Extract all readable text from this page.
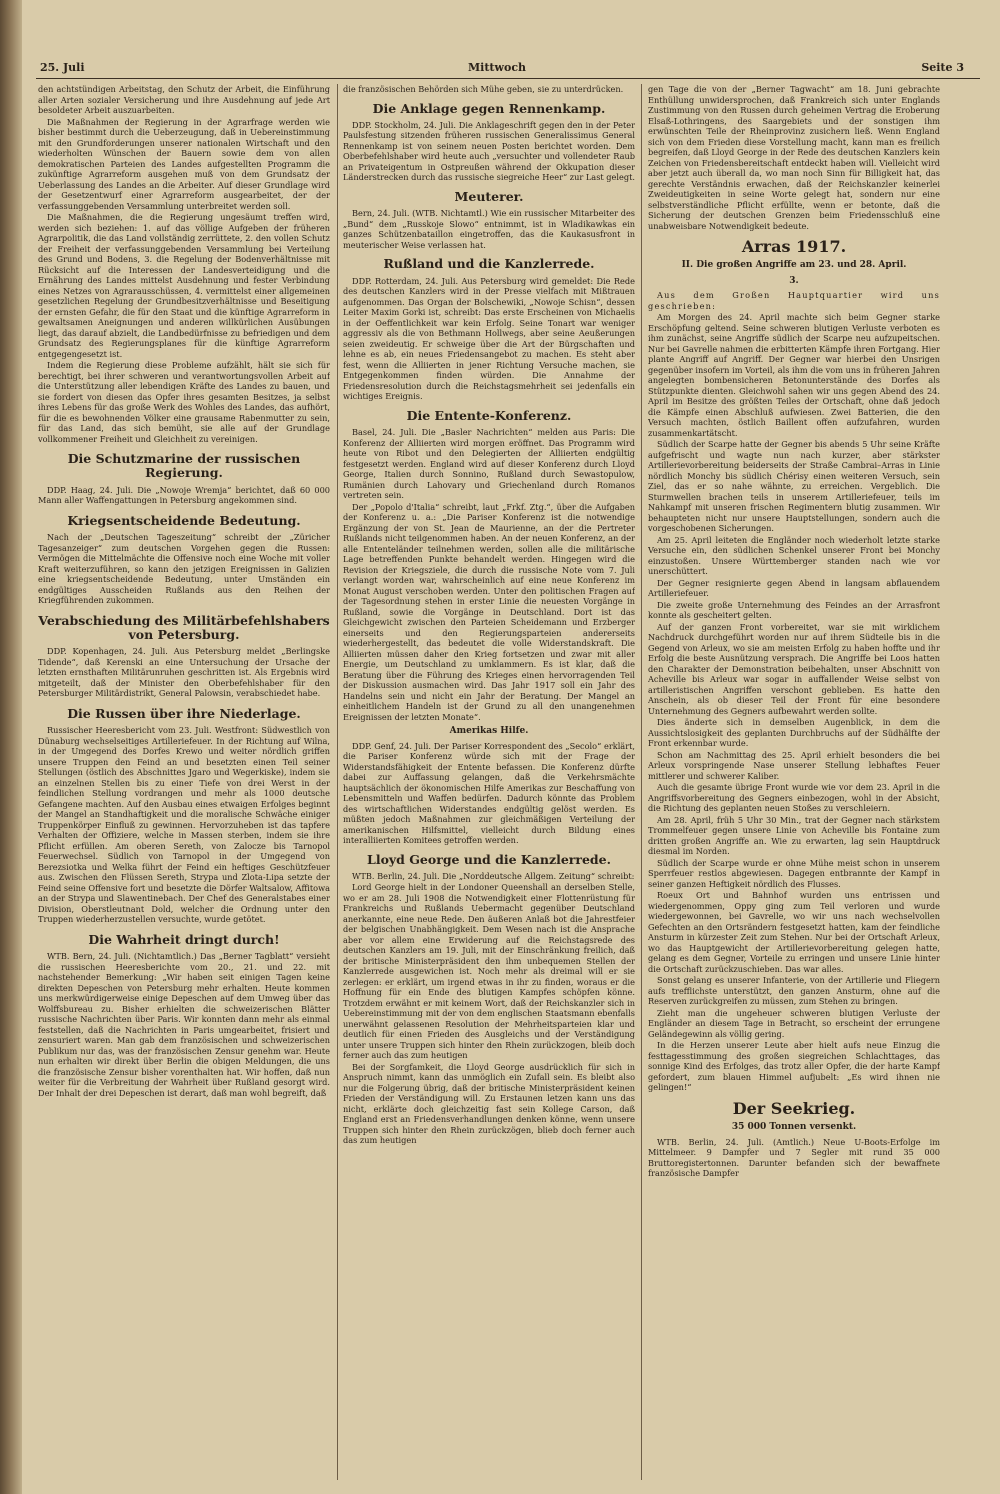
25. Juli	Mittwoch	Seite 3

den achtstündigen Arbeitstag, den Schutz der Arbeit, die Einführung aller Arten sozialer Versicherung und ihre Ausdehnung auf jede Art besoldeter Arbeit auszuarbeiten.

Die Maßnahmen der Regierung in der Agrarfrage werden wie bisher bestimmt durch die Ueberzeugung, daß in Uebereinstimmung mit den Grundforderungen unserer nationalen Wirtschaft und den wiederholten Wünschen der Bauern sowie dem von allen demokratischen Parteien des Landes aufgestellten Programm die zukünftige Agrarreform ausgehen muß von dem Grundsatz der Ueberlassung des Landes an die Arbeiter. Auf dieser Grundlage wird der Gesetzentwurf einer Agrarreform ausgearbeitet, der der verfassunggebenden Versammlung unterbreitet werden soll.

Die Maßnahmen, die die Regierung ungesäumt treffen wird, werden sich beziehen: 1. auf das völlige Aufgeben der früheren Agrarpolitik, die das Land vollständig zerrüttete, 2. den vollen Schutz der Freiheit der verfassunggebenden Versammlung bei Verteilung des Grund und Bodens, 3. die Regelung der Bodenverhältnisse mit Rücksicht auf die Interessen der Landesverteidigung und die Ernährung des Landes mittelst Ausdehnung und fester Verbindung eines Netzes von Agrarausschüssen, 4. vermittelst einer allgemeinen gesetzlichen Regelung der Grundbesitzverhältnisse und Beseitigung der ernsten Gefahr, die für den Staat und die künftige Agrarreform in gewaltsamen Aneignungen und anderen willkürlichen Ausübungen liegt, das darauf abzielt, die Landbedürfnisse zu befriedigen und dem Grundsatz des Regierungsplanes für die künftige Agrarreform entgegengesetzt ist.

Indem die Regierung diese Probleme aufzählt, hält sie sich für berechtigt, bei ihrer schweren und verantwortungsvollen Arbeit auf die Unterstützung aller lebendigen Kräfte des Landes zu bauen, und sie fordert von diesen das Opfer ihres gesamten Besitzes, ja selbst ihres Lebens für das große Werk des Wohles des Landes, das aufhört, für die es bewohnenden Völker eine grausame Rabenmutter zu sein, für das Land, das sich bemüht, sie alle auf der Grundlage vollkommener Freiheit und Gleichheit zu vereinigen.

Die Schutzmarine der russischen Regierung.

DDP. Haag, 24. Juli. Die „Nowoje Wremja“ berichtet, daß 60 000 Mann aller Waffengattungen in Petersburg angekommen sind.

Kriegsentscheidende Bedeutung.

Nach der „Deutschen Tageszeitung“ schreibt der „Züricher Tagesanzeiger“ zum deutschen Vorgehen gegen die Russen: Vermögen die Mittelmächte die Offensive noch eine Woche mit voller Kraft weiterzuführen, so kann den jetzigen Ereignissen in Galizien eine kriegsentscheidende Bedeutung, unter Umständen ein endgültiges Ausscheiden Rußlands aus den Reihen der Kriegführenden zukommen.

Verabschiedung des Militärbefehlshabers von Petersburg.

DDP. Kopenhagen, 24. Juli. Aus Petersburg meldet „Berlingske Tidende“, daß Kerenski an eine Untersuchung der Ursache der letzten ernsthaften Militärunruhen geschritten ist. Als Ergebnis wird mitgeteilt, daß der Minister den Oberbefehlshaber für den Petersburger Militärdistrikt, General Palowsin, verabschiedet habe.

Die Russen über ihre Niederlage.

Russischer Heeresbericht vom 23. Juli. Westfront: Südwestlich von Dünaburg wechselseitiges Artilleriefeuer. In der Richtung auf Wilna, in der Umgegend des Dorfes Krewo und weiter nördlich griffen unsere Truppen den Feind an und besetzten einen Teil seiner Stellungen (östlich des Abschnittes Jgaro und Wegerkiske), indem sie an einzelnen Stellen bis zu einer Tiefe von drei Werst in der feindlichen Stellung vordrangen und mehr als 1000 deutsche Gefangene machten. Auf den Ausbau eines etwaigen Erfolges beginnt der Mangel an Standhaftigkeit und die moralische Schwäche einiger Truppenkörper Einfluß zu gewinnen. Hervorzuheben ist das tapfere Verhalten der Offiziere, welche in Massen sterben, indem sie ihre Pflicht erfüllen. Am oberen Sereth, von Zalocze bis Tarnopol Feuerwechsel. Südlich von Tarnopol in der Umgegend von Berezsiotka und Welka führt der Feind ein heftiges Geschützfeuer aus. Zwischen den Flüssen Sereth, Strypa und Zlota-Lipa setzte der Feind seine Offensive fort und besetzte die Dörfer Waltsalow, Affitowa an der Strypa und Slawentinebach. Der Chef des Generalstabes einer Division, Oberstleutnant Dold, welcher die Ordnung unter den Truppen wiederherzustellen versuchte, wurde getötet.

Die Wahrheit dringt durch!

WTB. Bern, 24. Juli. (Nichtamtlich.) Das „Berner Tagblatt“ versieht die russischen Heeresberichte vom 20., 21. und 22. mit nachstehender Bemerkung: „Wir haben seit einigen Tagen keine direkten Depeschen von Petersburg mehr erhalten. Heute kommen uns merkwürdigerweise einige Depeschen auf dem Umweg über das Wolffsbureau zu. Bisher erhielten die schweizerischen Blätter russische Nachrichten über Paris. Wir konnten dann mehr als einmal feststellen, daß die Nachrichten in Paris umgearbeitet, frisiert und zensuriert waren. Man gab dem französischen und schweizerischen Publikum nur das, was der französischen Zensur genehm war. Heute nun erhalten wir direkt über Berlin die obigen Meldungen, die uns die französische Zensur bisher vorenthalten hat. Wir hoffen, daß nun weiter für die Verbreitung der Wahrheit über Rußland gesorgt wird. Der Inhalt der drei Depeschen ist derart, daß man wohl begreift, daß

die französischen Behörden sich Mühe geben, sie zu unterdrücken.

Die Anklage gegen Rennenkamp.

DDP. Stockholm, 24. Juli. Die Anklageschrift gegen den in der Peter Paulsfestung sitzenden früheren russischen Generalissimus General Rennenkamp ist von seinem neuen Posten berichtet worden. Dem Oberbefehlshaber wird heute auch „versuchter und vollendeter Raub an Privateigentum in Ostpreußen während der Okkupation dieser Länderstrecken durch das russische siegreiche Heer“ zur Last gelegt.

Meuterer.

Bern, 24. Juli. (WTB. Nichtamtl.) Wie ein russischer Mitarbeiter des „Bund“ dem „Russkoje Slowo“ entnimmt, ist in Wladikawkas ein ganzes Schützenbataillon eingetroffen, das die Kaukasusfront in meuterischer Weise verlassen hat.

Rußland und die Kanzlerrede.

DDP. Rotterdam, 24. Juli. Aus Petersburg wird gemeldet: Die Rede des deutschen Kanzlers wird in der Presse vielfach mit Mißtrauen aufgenommen. Das Organ der Bolschewiki, „Nowoje Schisn“, dessen Leiter Maxim Gorki ist, schreibt: Das erste Erscheinen von Michaelis in der Oeffentlichkeit war kein Erfolg. Seine Tonart war weniger aggressiv als die von Bethmann Hollwegs, aber seine Aeußerungen seien zweideutig. Er schweige über die Art der Bürgschaften und lehne es ab, ein neues Friedensangebot zu machen. Es steht aber fest, wenn die Alliierten in jener Richtung Versuche machen, sie Entgegenkommen finden würden. Die Annahme der Friedensresolution durch die Reichstagsmehrheit sei jedenfalls ein wichtiges Ereignis.

Die Entente-Konferenz.

Basel, 24. Juli. Die „Basler Nachrichten“ melden aus Paris: Die Konferenz der Alliierten wird morgen eröffnet. Das Programm wird heute von Ribot und den Delegierten der Alliierten endgültig festgesetzt werden. England wird auf dieser Konferenz durch Lloyd George, Italien durch Sonnino, Rußland durch Sewastopulow, Rumänien durch Lahovary und Griechenland durch Romanos vertreten sein.

Der „Popolo d'Italia“ schreibt, laut „Frkf. Ztg.“, über die Aufgaben der Konferenz u. a.: „Die Pariser Konferenz ist die notwendige Ergänzung der von St. Jean de Maurienne, an der die Pertreter Rußlands nicht teilgenommen haben. An der neuen Konferenz, an der alle Ententeländer teilnehmen werden, sollen alle die militärische Lage betreffenden Punkte behandelt werden. Hingegen wird die Revision der Kriegsziele, die durch die russische Note vom 7. Juli verlangt worden war, wahrscheinlich auf eine neue Konferenz im Monat August verschoben werden. Unter den politischen Fragen auf der Tagesordnung stehen in erster Linie die neuesten Vorgänge in Rußland, sowie die Vorgänge in Deutschland. Dort ist das Gleichgewicht zwischen den Parteien Scheidemann und Erzberger einerseits und den Regierungsparteien andererseits wiederhergestellt, das bedeutet die volle Widerstandskraft. Die Alliierten müssen daher den Krieg fortsetzen und zwar mit aller Energie, um Deutschland zu umklammern. Es ist klar, daß die Beratung über die Führung des Krieges einen hervorragenden Teil der Diskussion ausmachen wird. Das Jahr 1917 soll ein Jahr des Handelns sein und nicht ein Jahr der Beratung. Der Mangel an einheitlichem Handeln ist der Grund zu all den unangenehmen Ereignissen der letzten Monate“.

Amerikas Hilfe.

DDP. Genf, 24. Juli. Der Pariser Korrespondent des „Secolo“ erklärt, die Pariser Konferenz würde sich mit der Frage der Widerstandsfähigkeit der Entente befassen. Die Konferenz dürfte dabei zur Auffassung gelangen, daß die Verkehrsmächte hauptsächlich der ökonomischen Hilfe Amerikas zur Beschaffung von Lebensmitteln und Waffen bedürfen. Dadurch könnte das Problem des wirtschaftlichen Widerstandes endgültig gelöst werden. Es müßten jedoch Maßnahmen zur gleichmäßigen Verteilung der amerikanischen Hilfsmittel, vielleicht durch Bildung eines interalliierten Komitees getroffen werden.

Lloyd George und die Kanzlerrede.

WTB. Berlin, 24. Juli. Die „Norddeutsche Allgem. Zeitung“ schreibt:

Lord George hielt in der Londoner Queenshall an derselben Stelle, wo er am 28. Juli 1908 die Notwendigkeit einer Flottenrüstung für Frankreichs und Rußlands Uebermacht gegenüber Deutschland anerkannte, eine neue Rede. Den äußeren Anlaß bot die Jahrestfeier der belgischen Unabhängigkeit. Dem Wesen nach ist die Ansprache aber vor allem eine Erwiderung auf die Reichstagsrede des deutschen Kanzlers am 19. Juli, mit der Einschränkung freilich, daß der britische Ministerpräsident den ihm unbequemen Stellen der Kanzlerrede ausgewichen ist. Noch mehr als dreimal will er sie zerlegen: er erklärt, um irgend etwas in ihr zu finden, woraus er die Hoffnung für ein Ende des blutigen Kampfes schöpfen könne. Trotzdem erwähnt er mit keinem Wort, daß der Reichskanzler sich in Uebereinstimmung mit der von dem englischen Staatsmann ebenfalls unerwähnt gelassenen Resolution der Mehrheitsparteien klar und deutlich für einen Frieden des Ausgleichs und der Verständigung unter unsere Truppen sich hinter den Rhein zurückzogen, bleib doch ferner auch das zum heutigen

Bei der Sorgfamkeit, die Lloyd George ausdrücklich für sich in Anspruch nimmt, kann das unmöglich ein Zufall sein. Es bleibt also nur die Folgerung übrig, daß der britische Ministerpräsident keinen Frieden der Verständigung will. Zu Erstaunen letzen kann uns das nicht, erklärte doch gleichzeitig fast sein Kollege Carson, daß England erst an Friedensverhandlungen denken könne, wenn unsere Truppen sich hinter den Rhein zurückzögen, blieb doch ferner auch das zum heutigen

gen Tage die von der „Berner Tagwacht“ am 18. Juni gebrachte Enthüllung unwidersprochen, daß Frankreich sich unter Englands Zustimmung von den Russen durch geheimen Vertrag die Eroberung Elsaß-Lothringens, des Saargebiets und der sonstigen ihm erwünschten Teile der Rheinprovinz zusichern ließ. Wenn England sich von dem Frieden diese Vorstellung macht, kann man es freilich begreifen, daß Lloyd George in der Rede des deutschen Kanzlers kein Zeichen von Friedensbereitschaft entdeckt haben will. Vielleicht wird aber jetzt auch überall da, wo man noch Sinn für Billigkeit hat, das gerechte Verständnis erwachen, daß der Reichskanzler keinerlei Zweideutigkeiten in seine Worte gelegt hat, sondern nur eine selbstverständliche Pflicht erfüllte, wenn er betonte, daß die Sicherung der deutschen Grenzen beim Friedensschluß eine unabweisbare Notwendigkeit bedeute.

Arras 1917.
II. Die großen Angriffe am 23. und 28. April.
3.

Aus dem Großen Hauptquartier wird uns geschrieben:

Am Morgen des 24. April machte sich beim Gegner starke Erschöpfung geltend. Seine schweren blutigen Verluste verboten es ihm zunächst, seine Angriffe südlich der Scarpe neu aufzupeitschen. Nur bei Gavrelle nahmen die erbitterten Kämpfe ihren Fortgang. Hier plante Angriff auf Angriff. Der Gegner war hierbei den Unsrigen gegenüber insofern im Vorteil, als ihm die vom uns in früheren Jahren angelegten bombensicheren Betonunterstände des Dorfes als Stützpunkte dienten. Gleichwohl sahen wir uns gegen Abend des 24. April im Besitze des größten Teiles der Ortschaft, ohne daß jedoch die Kämpfe einen Abschluß aufwiesen. Zwei Batterien, die den Versuch machten, östlich Baillent offen aufzufahren, wurden zusammenkartätscht.

Südlich der Scarpe hatte der Gegner bis abends 5 Uhr seine Kräfte aufgefrischt und wagte nun nach kurzer, aber stärkster Artillerievorbereitung beiderseits der Straße Cambrai–Arras in Linie nördlich Monchy bis südlich Chérisy einen weiteren Versuch, sein Ziel, das er so nahe wähnte, zu erreichen. Vergeblich. Die Sturmwellen brachen teils in unserem Artilleriefeuer, teils im Nahkampf mit unseren frischen Regimentern blutig zusammen. Wir behaupteten nicht nur unsere Hauptstellungen, sondern auch die vorgeschobenen Sicherungen.

Am 25. April leiteten die Engländer noch wiederholt letzte starke Versuche ein, den südlichen Schenkel unserer Front bei Monchy einzustoßen. Unsere Württemberger standen nach wie vor unerschüttert.

Der Gegner resignierte gegen Abend in langsam abflauendem Artilleriefeuer.

Die zweite große Unternehmung des Feindes an der Arrasfront konnte als gescheitert gelten.

Auf der ganzen Front vorbereitet, war sie mit wirklichem Nachdruck durchgeführt worden nur auf ihrem Südteile bis in die Gegend von Arleux, wo sie am meisten Erfolg zu haben hoffte und ihr Erfolg die beste Ausnützung versprach. Die Angriffe bei Loos hatten den Charakter der Demonstration beibehalten, unser Abschnitt von Acheville bis Arleux war sogar in auffallender Weise selbst von artilleristischen Angriffen verschont geblieben. Es hatte den Anschein, als ob dieser Teil der Front für eine besondere Unternehmung des Gegners aufbewahrt werden sollte.

Dies änderte sich in demselben Augenblick, in dem die Aussichtslosigkeit des geplanten Durchbruchs auf der Südhälfte der Front erkennbar wurde.

Schon am Nachmittag des 25. April erhielt besonders die bei Arleux vorspringende Nase unserer Stellung lebhaftes Feuer mittlerer und schwerer Kaliber.

Auch die gesamte übrige Front wurde wie vor dem 23. April in die Angriffsvorbereitung des Gegners einbezogen, wohl in der Absicht, die Richtung des geplanten neuen Stoßes zu verschleiern.

Am 28. April, früh 5 Uhr 30 Min., trat der Gegner nach stärkstem Trommelfeuer gegen unsere Linie von Acheville bis Fontaine zum dritten großen Angriffe an. Wie zu erwarten, lag sein Hauptdruck diesmal im Norden.

Südlich der Scarpe wurde er ohne Mühe meist schon in unserem Sperrfeuer restlos abgewiesen. Dagegen entbrannte der Kampf in seiner ganzen Heftigkeit nördlich des Flusses.

Roeux Ort und Bahnhof wurden uns entrissen und wiedergenommen, Oppy ging zum Teil verloren und wurde wiedergewonnen, bei Gavrelle, wo wir uns nach wechselvollen Gefechten an den Ortsrändern festgesetzt hatten, kam der feindliche Ansturm in kürzester Zeit zum Stehen. Nur bei der Ortschaft Arleux, wo das Hauptgewicht der Artillerievorbereitung gelegen hatte, gelang es dem Gegner, Vorteile zu erringen und unsere Linie hinter die Ortschaft zurückzuschieben. Das war alles.

Sonst gelang es unserer Infanterie, von der Artillerie und Fliegern aufs trefflichste unterstützt, den ganzen Ansturm, ohne auf die Reserven zurückgreifen zu müssen, zum Stehen zu bringen.

Zieht man die ungeheuer schweren blutigen Verluste der Engländer an diesem Tage in Betracht, so erscheint der errungene Geländegewinn als völlig gering.

In die Herzen unserer Leute aber hielt aufs neue Einzug die festtagesstimmung des großen siegreichen Schlachttages, das sonnige Kind des Erfolges, das trotz aller Opfer, die der harte Kampf gefordert, zum blauen Himmel aufjubelt: „Es wird ihnen nie gelingen!“

Der Seekrieg.
35 000 Tonnen versenkt.

WTB. Berlin, 24. Juli. (Amtlich.) Neue U-Boots-Erfolge im Mittelmeer. 9 Dampfer und 7 Segler mit rund 35 000 Bruttoregistertonnen. Darunter befanden sich der bewaffnete französische Dampfer
